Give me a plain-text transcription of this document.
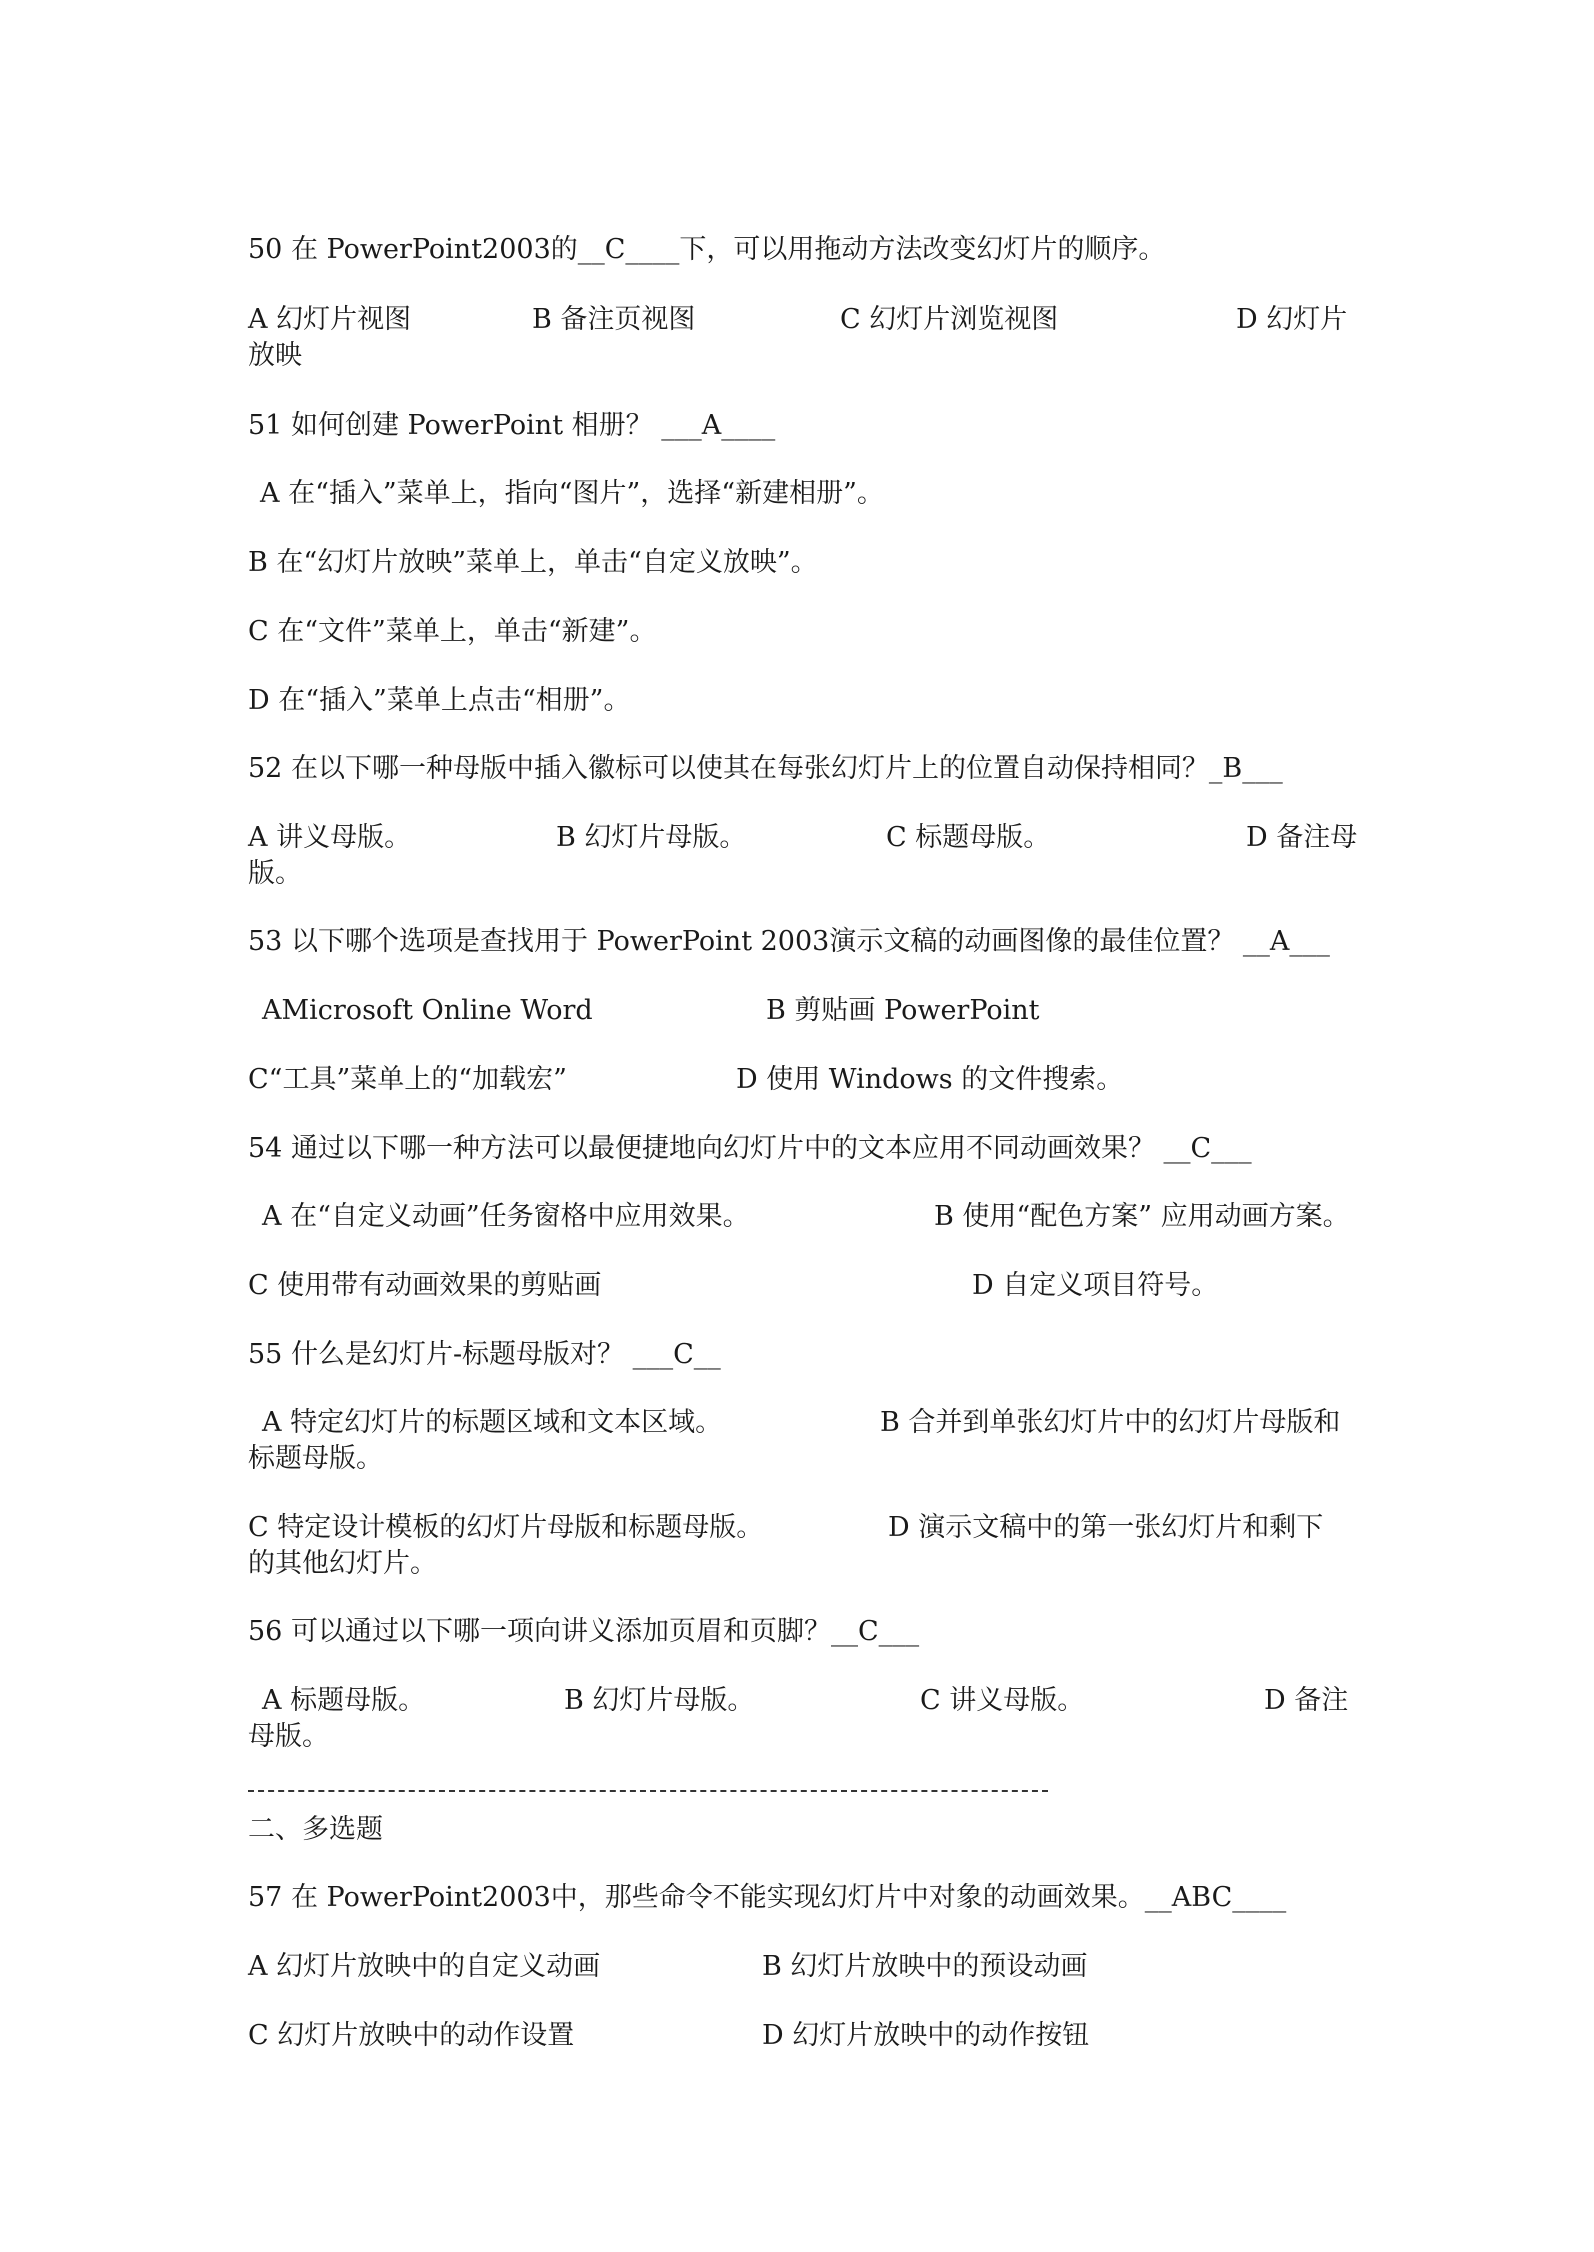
50 在 PowerPoint2003的__C____下，可以用拖动方法改变幻灯片的顺序。
A 幻灯片视图	B 备注页视图	C 幻灯片浏览视图	D 幻灯片
放映
51 如何创建 PowerPoint 相册？ ___A____
A 在“插入”菜单上，指向“图片”，选择“新建相册”。
B 在“幻灯片放映”菜单上，单击“自定义放映”。
C 在“文件”菜单上，单击“新建”。
D 在“插入”菜单上点击“相册”。
52 在以下哪一种母版中插入徽标可以使其在每张幻灯片上的位置自动保持相同？_B___
A 讲义母版。	B 幻灯片母版。	C 标题母版。	D 备注母
版。
53 以下哪个选项是查找用于 PowerPoint 2003演示文稿的动画图像的最佳位置？ __A___
AMicrosoft Online Word	B 剪贴画 PowerPoint
C“工具”菜单上的“加载宏”	D 使用 Windows 的文件搜索。
54 通过以下哪一种方法可以最便捷地向幻灯片中的文本应用不同动画效果？ __C___
A 在“自定义动画”任务窗格中应用效果。	B 使用“配色方案” 应用动画方案。
C 使用带有动画效果的剪贴画	D 自定义项目符号。
55 什么是幻灯片-标题母版对？ ___C__
A 特定幻灯片的标题区域和文本区域。	B 合并到单张幻灯片中的幻灯片母版和
标题母版。
C 特定设计模板的幻灯片母版和标题母版。	D 演示文稿中的第一张幻灯片和剩下
的其他幻灯片。
56 可以通过以下哪一项向讲义添加页眉和页脚？__C___
A 标题母版。	B 幻灯片母版。	C 讲义母版。	D 备注
母版。
二、多选题
57 在 PowerPoint2003中，那些命令不能实现幻灯片中对象的动画效果。__ABC____
A 幻灯片放映中的自定义动画	B 幻灯片放映中的预设动画
C 幻灯片放映中的动作设置	D 幻灯片放映中的动作按钮
